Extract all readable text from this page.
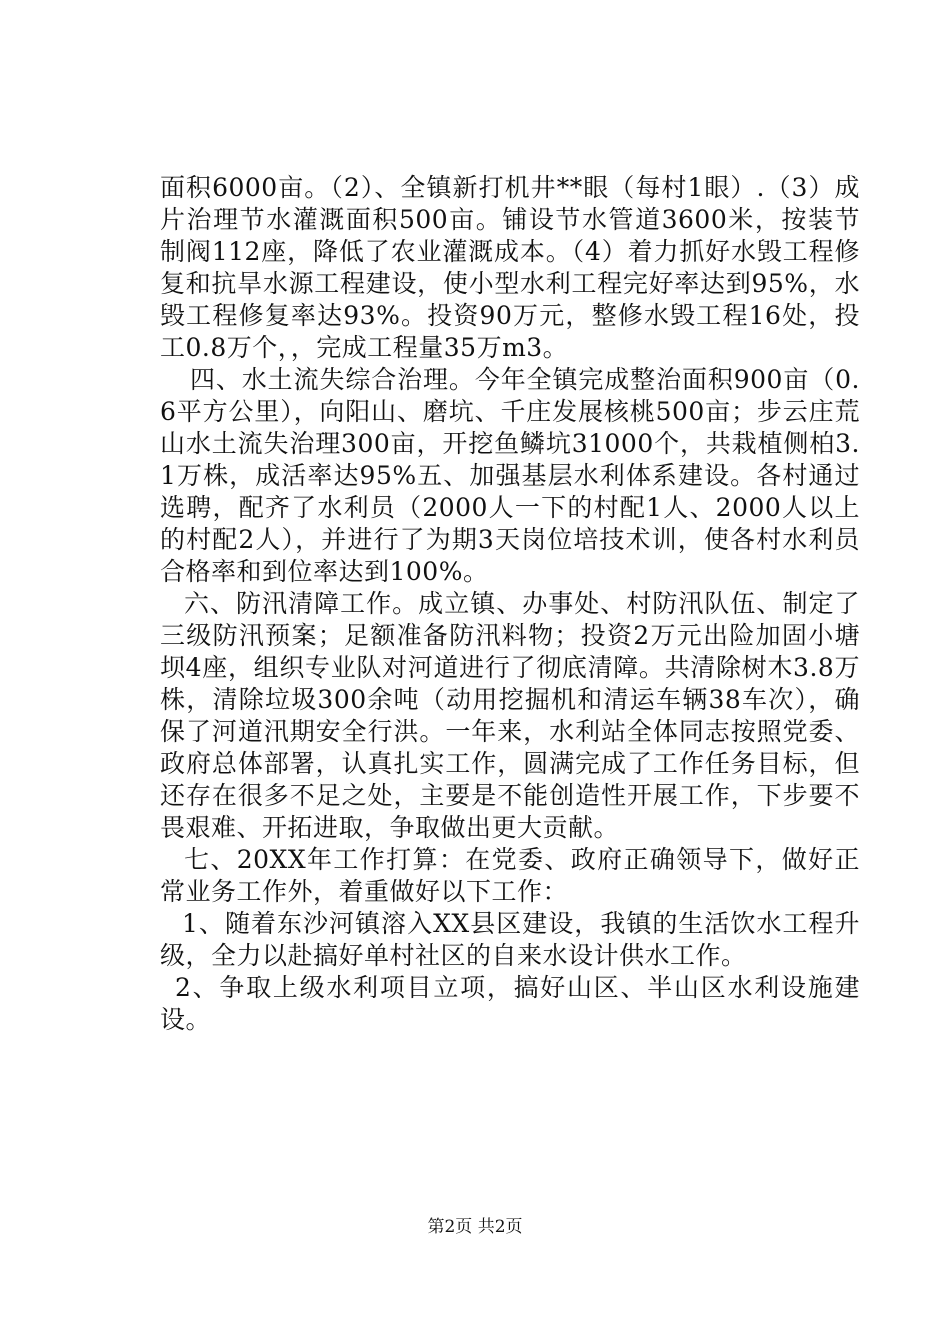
面积6000亩。（2）、全镇新打机井**眼（每村1眼）.（3）成片治理节水灌溉面积500亩。铺设节水管道3600米，按装节制阀112座，降低了农业灌溉成本。（4）着力抓好水毁工程修复和抗旱水源工程建设，使小型水利工程完好率达到95%，水毁工程修复率达93%。投资90万元，整修水毁工程16处，投工0.8万个，，完成工程量35万m3。

四、水土流失综合治理。今年全镇完成整治面积900亩（0.6平方公里），向阳山、磨坑、千庄发展核桃500亩；步云庄荒山水土流失治理300亩，开挖鱼鳞坑31000个，共栽植侧柏3.1万株，成活率达95%五、加强基层水利体系建设。各村通过选聘，配齐了水利员（2000人一下的村配1人、2000人以上的村配2人），并进行了为期3天岗位培技术训，使各村水利员合格率和到位率达到100%。

六、防汛清障工作。成立镇、办事处、村防汛队伍、制定了三级防汛预案；足额准备防汛料物；投资2万元出险加固小塘坝4座，组织专业队对河道进行了彻底清障。共清除树木3.8万株，清除垃圾300余吨（动用挖掘机和清运车辆38车次），确保了河道汛期安全行洪。一年来，水利站全体同志按照党委、政府总体部署，认真扎实工作，圆满完成了工作任务目标，但还存在很多不足之处，主要是不能创造性开展工作，下步要不畏艰难、开拓进取，争取做出更大贡献。

七、20XX年工作打算：在党委、政府正确领导下，做好正常业务工作外，着重做好以下工作：

1、随着东沙河镇溶入XX县区建设，我镇的生活饮水工程升级，全力以赴搞好单村社区的自来水设计供水工作。

2、争取上级水利项目立项，搞好山区、半山区水利设施建设。

第2页 共2页
